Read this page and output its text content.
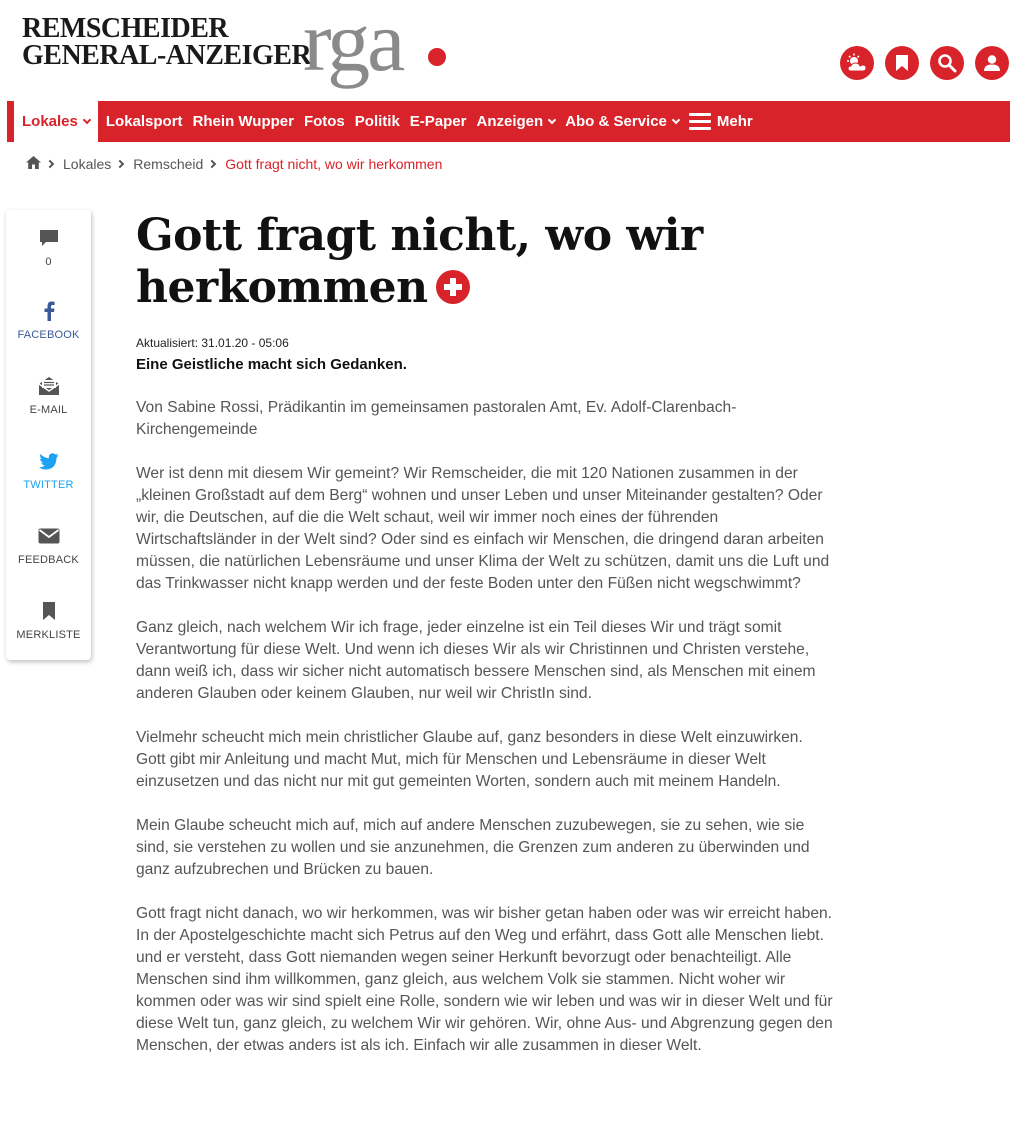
REMSCHEIDER
GENERAL-ANZEIGER
rga
Lokales Lokalsport Rhein Wupper Fotos Politik E-Paper Anzeigen Abo & Service	Mehr
Lokales Remscheid Gott fragt nicht, wo wir herkommen
0
FACEBOOK
E-MAIL
TWITTER
FEEDBACK
MERKLISTE
Gott fragt nicht, wo wir herkommen
Aktualisiert: 31.01.20 - 05:06
Eine Geistliche macht sich Gedanken.

Von Sabine Rossi, Prädikantin im gemeinsamen pastoralen Amt, Ev. Adolf-Clarenbach-Kirchengemeinde

Wer ist denn mit diesem Wir gemeint? Wir Remscheider, die mit 120 Nationen zusammen in der „kleinen Großstadt auf dem Berg“ wohnen und unser Leben und unser Miteinander gestalten? Oder wir, die Deutschen, auf die die Welt schaut, weil wir immer noch eines der führenden Wirtschaftsländer in der Welt sind? Oder sind es einfach wir Menschen, die dringend daran arbeiten müssen, die natürlichen Lebensräume und unser Klima der Welt zu schützen, damit uns die Luft und das Trinkwasser nicht knapp werden und der feste Boden unter den Füßen nicht wegschwimmt?

Ganz gleich, nach welchem Wir ich frage, jeder einzelne ist ein Teil dieses Wir und trägt somit Verantwortung für diese Welt. Und wenn ich dieses Wir als wir Christinnen und Christen verstehe, dann weiß ich, dass wir sicher nicht automatisch bessere Menschen sind, als Menschen mit einem anderen Glauben oder keinem Glauben, nur weil wir ChristIn sind.

Vielmehr scheucht mich mein christlicher Glaube auf, ganz besonders in diese Welt einzuwirken. Gott gibt mir Anleitung und macht Mut, mich für Menschen und Lebensräume in dieser Welt einzusetzen und das nicht nur mit gut gemeinten Worten, sondern auch mit meinem Handeln.

Mein Glaube scheucht mich auf, mich auf andere Menschen zuzubewegen, sie zu sehen, wie sie sind, sie verstehen zu wollen und sie anzunehmen, die Grenzen zum anderen zu überwinden und ganz aufzubrechen und Brücken zu bauen.

Gott fragt nicht danach, wo wir herkommen, was wir bisher getan haben oder was wir erreicht haben. In der Apostelgeschichte macht sich Petrus auf den Weg und erfährt, dass Gott alle Menschen liebt. und er versteht, dass Gott niemanden wegen seiner Herkunft bevorzugt oder benachteiligt. Alle Menschen sind ihm willkommen, ganz gleich, aus welchem Volk sie stammen. Nicht woher wir kommen oder was wir sind spielt eine Rolle, sondern wie wir leben und was wir in dieser Welt und für diese Welt tun, ganz gleich, zu welchem Wir wir gehören. Wir, ohne Aus- und Abgrenzung gegen den Menschen, der etwas anders ist als ich. Einfach wir alle zusammen in dieser Welt.
